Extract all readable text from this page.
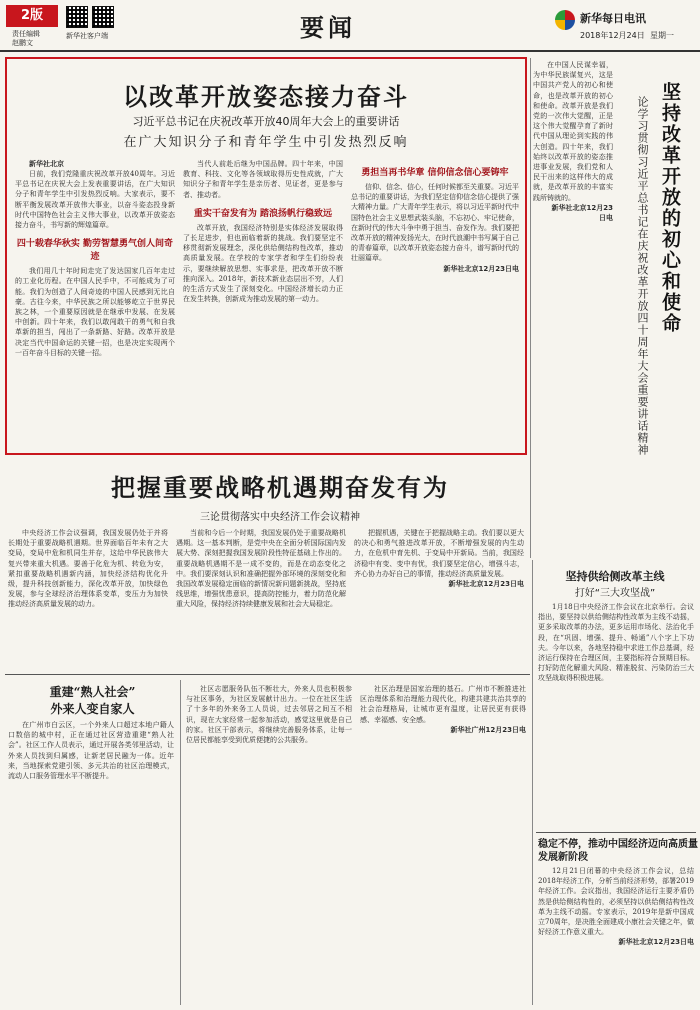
2版
责任编辑
赵鹏文
新华社客户端	要闻	新华每日电讯
2018年12月24日 星期一
以改革开放姿态接力奋斗
习近平总书记在庆祝改革开放40周年大会上的重要讲话
在广大知识分子和青年学生中引发热烈反响

新华社北京

日前，我们党隆重庆祝改革开放40周年。习近平总书记在庆祝大会上发表重要讲话，在广大知识分子和青年学生中引发热烈反响。大家表示，要不断平衡发展改革开放伟大事业，以奋斗姿态投身新时代中国特色社会主义伟大事业，以改革开放姿态接力奋斗，书写新的辉煌篇章。

四十载春华秋实 勤劳智慧勇气创人间奇迹

我们用几十年时间走完了发达国家几百年走过的工业化历程。在中国人民手中，不可能成为了可能。我们为创造了人间奇迹的中国人民感到无比自豪。古往今来，中华民族之所以能够屹立于世界民族之林，一个重要原因就是在继承中发展、在发展中创新。四十年来，我们以敢闯敢干的勇气和自我革新的担当，闯出了一条新路、好路。改革开放是决定当代中国命运的关键一招，也是决定实现两个一百年奋斗目标的关键一招。

当代人前赴后继为中国品牌。四十年来，中国教育、科技、文化等各领域取得历史性成就，广大知识分子和青年学生是亲历者、见证者，更是参与者、推动者。

重实干奋发有为 踏浪扬帆行稳致远

改革开放，我国经济特别是实体经济发展取得了长足进步，但也面临着新的挑战。我们要坚定不移贯彻新发展理念，深化供给侧结构性改革，推动高质量发展。在学校的专家学者和学生们纷纷表示，要继续解放思想、实事求是，把改革开放不断推向深入。2018年，新技术新业态层出不穷，人们的生活方式发生了深刻变化。中国经济增长动力正在发生转换，创新成为推动发展的第一动力。

勇担当再书华章 信仰信念信心要铸牢

信仰、信念、信心，任何时候都至关重要。习近平总书记的重要讲话，为我们坚定信仰信念信心提供了强大精神力量。广大青年学生表示，将以习近平新时代中国特色社会主义思想武装头脑，不忘初心、牢记使命，在新时代的伟大斗争中勇于担当、奋发作为。我们要把改革开放的精神发扬光大，在时代浪潮中书写属于自己的青春篇章，以改革开放姿态接力奋斗，谱写新时代的壮丽篇章。

新华社北京12月23日电	坚持改革开放的初心和使命
论学习贯彻习近平总书记在庆祝改革开放四十周年大会重要讲话精神

在中国人民谋幸福，为中华民族谋复兴，这是中国共产党人的初心和使命，也是改革开放的初心和使命。改革开放是我们党的一次伟大觉醒，正是这个伟大觉醒孕育了新时代中国从理论到实践的伟大创造。四十年来，我们始终以改革开放的姿态推进事业发展，我们党和人民干出来的这样伟大的成就，是改革开放的丰富实践所铸就的。

新华社北京12月23日电

把握重要战略机遇期奋发有为
三论贯彻落实中央经济工作会议精神

中央经济工作会议强调，我国发展仍处于并将长期处于重要战略机遇期。世界面临百年未有之大变局，变局中危和机同生并存，这给中华民族伟大复兴带来重大机遇。要善于化危为机、转危为安，紧扣重要战略机遇新内涵，加快经济结构优化升级，提升科技创新能力，深化改革开放，加快绿色发展，参与全球经济治理体系变革，变压力为加快推动经济高质量发展的动力。

当前和今后一个时期，我国发展仍处于重要战略机遇期。这一基本判断，是党中央在全面分析国际国内发展大势、深刻把握我国发展阶段性特征基础上作出的。重要战略机遇期不是一成不变的，而是在动态变化之中。我们要深刻认识和准确把握外部环境的深刻变化和我国改革发展稳定面临的新情况新问题新挑战，坚持底线思维，增强忧患意识，提高防控能力，着力防范化解重大风险，保持经济持续健康发展和社会大局稳定。

把握机遇，关键在于把握战略主动。我们要以更大的决心和勇气推进改革开放，不断增强发展的内生动力，在危机中育先机、于变局中开新局。当前，我国经济稳中有变、变中有忧，我们要坚定信心，增强斗志，齐心协力办好自己的事情，推动经济高质量发展。

新华社北京12月23日电

坚持供给侧改革主线
打好“三大攻坚战”

1月18日中央经济工作会议在北京举行。会议指出，要坚持以供给侧结构性改革为主线不动摇，更多采取改革的办法，更多运用市场化、法治化手段，在“巩固、增强、提升、畅通”八个字上下功夫。今年以来，各地坚持稳中求进工作总基调，经济运行保持在合理区间，主要指标符合预期目标。打好防范化解重大风险、精准脱贫、污染防治三大攻坚战取得积极进展。

重建“熟人社会”
外来人变自家人

在广州市白云区，一个外来人口超过本地户籍人口数倍的城中村，正在通过社区营造重建“熟人社会”。社区工作人员表示，通过开展各类邻里活动，让外来人员找到归属感，让新老居民融为一体。近年来，当地探索党建引领、多元共治的社区治理模式，流动人口服务管理水平不断提升。

社区志愿服务队伍不断壮大，外来人员也积极参与社区事务，为社区发展献计出力。一位在社区生活了十多年的外来务工人员说，过去邻居之间互不相识，现在大家经常一起参加活动，感觉这里就是自己的家。社区干部表示，将继续完善服务体系，让每一位居民都能享受到优质便捷的公共服务。

社区治理是国家治理的基石。广州市不断推进社区治理体系和治理能力现代化，构建共建共治共享的社会治理格局，让城市更有温度，让居民更有获得感、幸福感、安全感。

新华社广州12月23日电

稳定不停，推动中国经济迈向高质量发展新阶段

12月21日闭幕的中央经济工作会议，总结2018年经济工作，分析当前经济形势，部署2019年经济工作。会议指出，我国经济运行主要矛盾仍然是供给侧结构性的，必须坚持以供给侧结构性改革为主线不动摇。专家表示，2019年是新中国成立70周年，是决胜全面建成小康社会关键之年，做好经济工作意义重大。

新华社北京12月23日电
